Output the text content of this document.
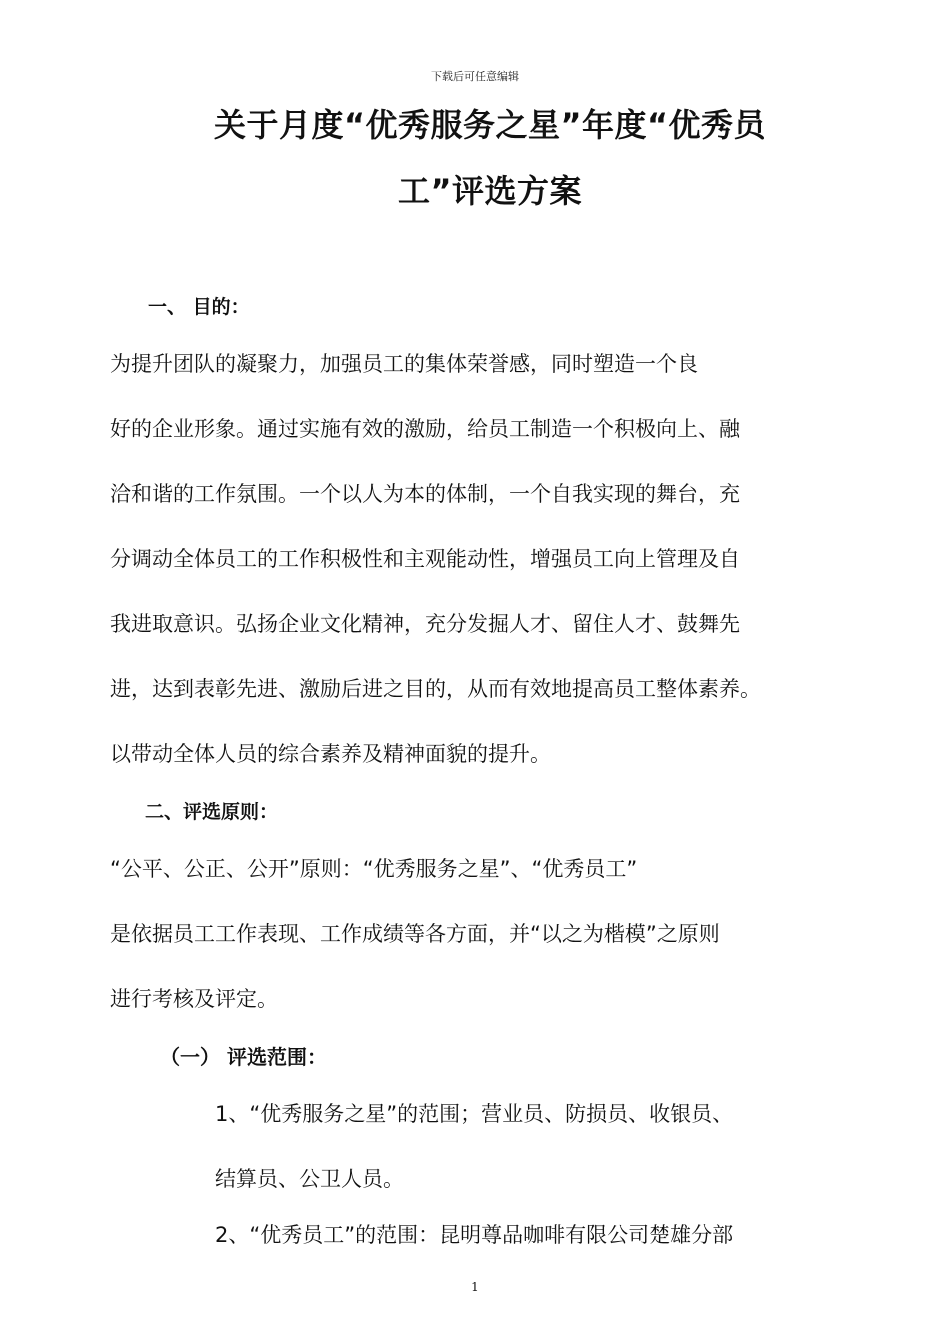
下载后可任意编辑
关于月度“优秀服务之星”年度“优秀员
工”评选方案
一、 目的：
为提升团队的凝聚力，加强员工的集体荣誉感，同时塑造一个良
好的企业形象。通过实施有效的激励，给员工制造一个积极向上、融
洽和谐的工作氛围。一个以人为本的体制，一个自我实现的舞台，充
分调动全体员工的工作积极性和主观能动性，增强员工向上管理及自
我进取意识。弘扬企业文化精神，充分发掘人才、留住人才、鼓舞先
进，达到表彰先进、激励后进之目的，从而有效地提高员工整体素养。
以带动全体人员的综合素养及精神面貌的提升。
二、评选原则：
“公平、公正、公开”原则：“优秀服务之星”、“优秀员工”
是依据员工工作表现、工作成绩等各方面，并“以之为楷模”之原则
进行考核及评定。
（一） 评选范围：
1、“优秀服务之星”的范围；营业员、防损员、收银员、
结算员、公卫人员。
2、“优秀员工”的范围：昆明尊品咖啡有限公司楚雄分部
1
